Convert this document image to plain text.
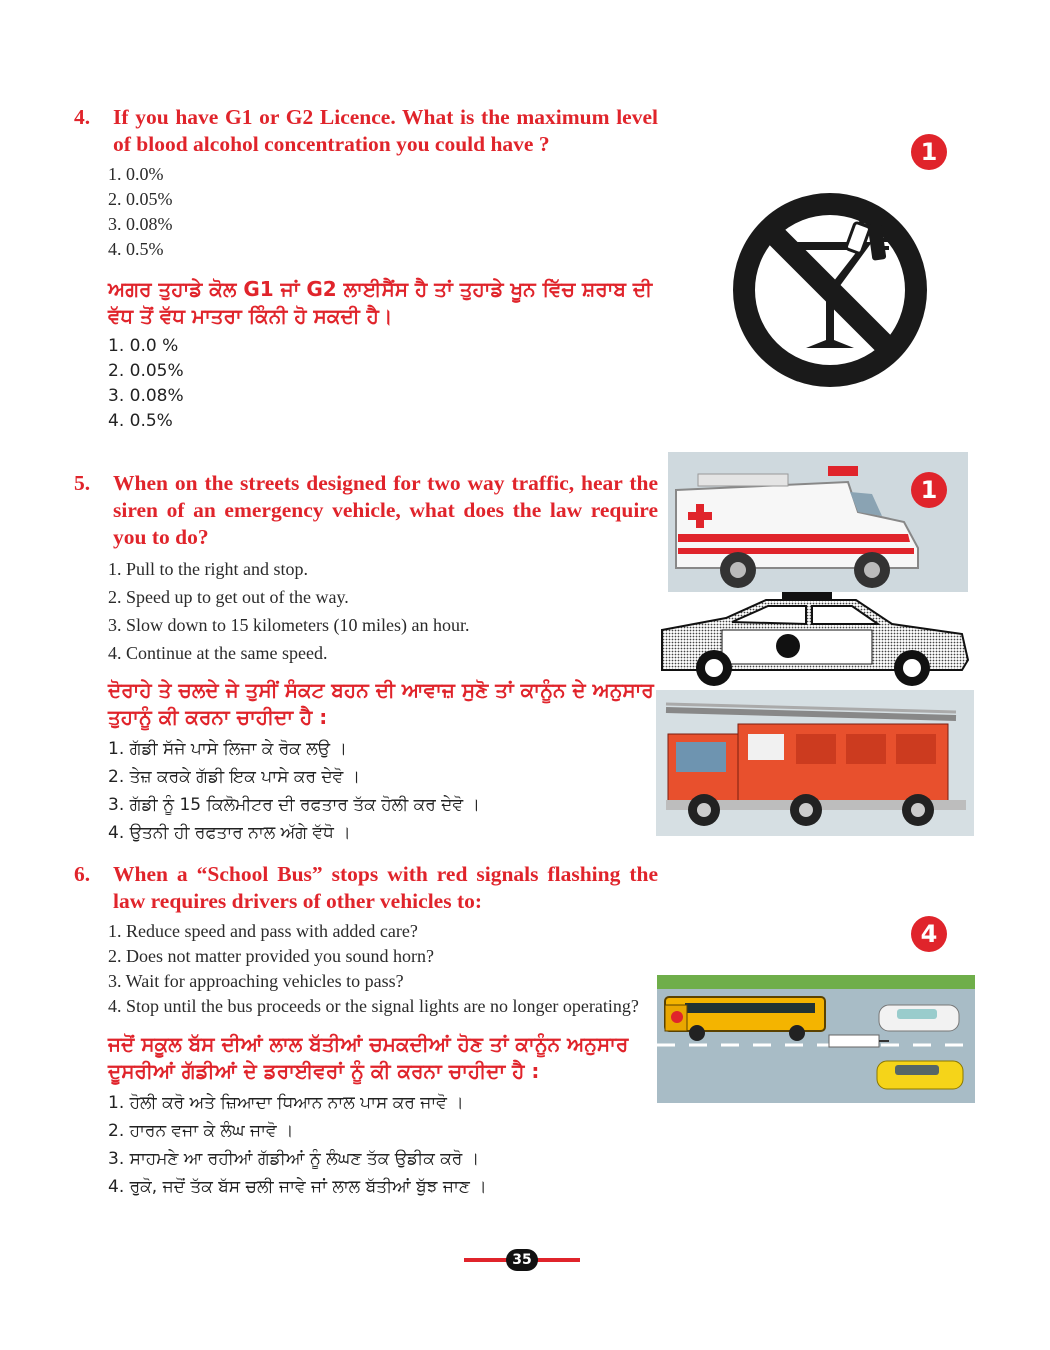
4.	If you have G1 or G2 Licence. What is the maximum level of blood alcohol concentration you could have ?
1. 0.0%
2. 0.05%
3. 0.08%
4. 0.5%
ਅਗਰ ਤੁਹਾਡੇ ਕੋਲ G1 ਜਾਂ G2 ਲਾਈਸੈਂਸ ਹੈ ਤਾਂ ਤੁਹਾਡੇ ਖੂਨ ਵਿੱਚ ਸ਼ਰਾਬ ਦੀ ਵੱਧ ਤੋਂ ਵੱਧ ਮਾਤਰਾ ਕਿੰਨੀ ਹੋ ਸਕਦੀ ਹੈ।
1. 0.0 %
2. 0.05%
3. 0.08%
4. 0.5%
1
5.	When on the streets designed for two way traffic, hear the siren of an emergency vehicle, what does the law require you to do?
1. Pull to the right and stop.
2. Speed up to get out of the way.
3. Slow down to 15 kilometers (10 miles) an hour.
4. Continue at the same speed.
ਦੋਰਾਹੇ ਤੇ ਚਲਦੇ ਜੇ ਤੁਸੀਂ ਸੰਕਟ ਬਹਨ ਦੀ ਆਵਾਜ਼ ਸੁਣੋ ਤਾਂ ਕਾਨੂੰਨ ਦੇ ਅਨੁਸਾਰ ਤੁਹਾਨੂੰ ਕੀ ਕਰਨਾ ਚਾਹੀਦਾ ਹੈ :
1. ਗੱਡੀ ਸੱਜੇ ਪਾਸੇ ਲਿਜਾ ਕੇ ਰੋਕ ਲਉ ।
2. ਤੇਜ਼ ਕਰਕੇ ਗੱਡੀ ਇਕ ਪਾਸੇ ਕਰ ਦੇਵੋ ।
3. ਗੱਡੀ ਨੂੰ 15 ਕਿਲੋਮੀਟਰ ਦੀ ਰਫਤਾਰ ਤੱਕ ਹੋਲੀ ਕਰ ਦੇਵੋ ।
4. ਉਤਨੀ ਹੀ ਰਫਤਾਰ ਨਾਲ ਅੱਗੇ ਵੱਧੋ ।
1
6.	When a “School Bus” stops with red signals flashing the law requires drivers of other vehicles to:
1. Reduce speed and pass with added care?
2. Does not matter provided you sound horn?
3. Wait for approaching vehicles to pass?
4. Stop until the bus proceeds or the signal lights are no longer operating?
ਜਦੋਂ ਸਕੂਲ ਬੱਸ ਦੀਆਂ ਲਾਲ ਬੱਤੀਆਂ ਚਮਕਦੀਆਂ ਹੋਣ ਤਾਂ ਕਾਨੂੰਨ ਅਨੁਸਾਰ ਦੂਸਰੀਆਂ ਗੱਡੀਆਂ ਦੇ ਡਰਾਈਵਰਾਂ ਨੂੰ ਕੀ ਕਰਨਾ ਚਾਹੀਦਾ ਹੈ :
1. ਹੋਲੀ ਕਰੋ ਅਤੇ ਜ਼ਿਆਦਾ ਧਿਆਨ ਨਾਲ ਪਾਸ ਕਰ ਜਾਵੋ ।
2. ਹਾਰਨ ਵਜਾ ਕੇ ਲੰਘ ਜਾਵੋ ।
3. ਸਾਹਮਣੇ ਆ ਰਹੀਆਂ ਗੱਡੀਆਂ ਨੂੰ ਲੰਘਣ ਤੱਕ ਉਡੀਕ ਕਰੋ ।
4. ਰੁਕੋ, ਜਦੋਂ ਤੱਕ ਬੱਸ ਚਲੀ ਜਾਵੇ ਜਾਂ ਲਾਲ ਬੱਤੀਆਂ ਬੁੱਝ ਜਾਣ ।
4
35
